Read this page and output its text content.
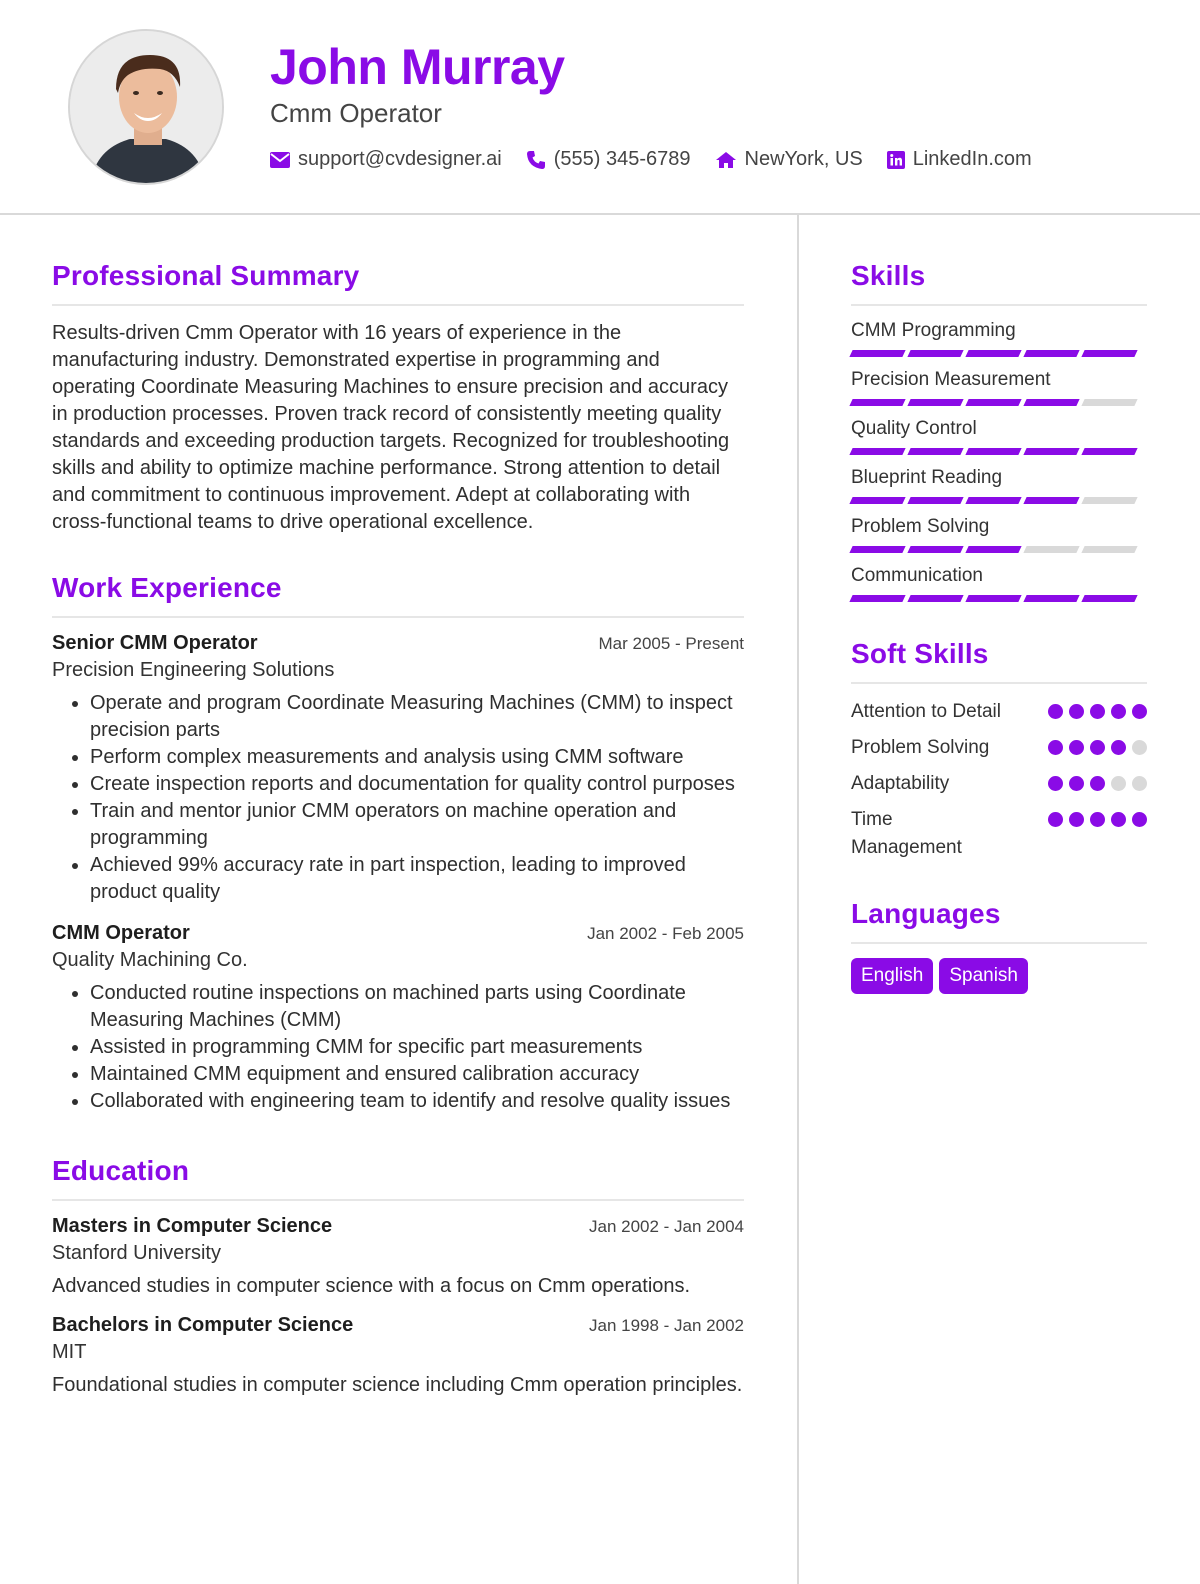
John Murray
Cmm Operator
support@cvdesigner.ai	(555) 345-6789	NewYork, US	LinkedIn.com
Professional Summary
Results-driven Cmm Operator with 16 years of experience in the manufacturing industry. Demonstrated expertise in programming and operating Coordinate Measuring Machines to ensure precision and accuracy in production processes. Proven track record of consistently meeting quality standards and exceeding production targets. Recognized for troubleshooting skills and ability to optimize machine performance. Strong attention to detail and commitment to continuous improvement. Adept at collaborating with cross-functional teams to drive operational excellence.
Work Experience
Senior CMM Operator	Mar 2005 - Present
Precision Engineering Solutions
• Operate and program Coordinate Measuring Machines (CMM) to inspect precision parts
• Perform complex measurements and analysis using CMM software
• Create inspection reports and documentation for quality control purposes
• Train and mentor junior CMM operators on machine operation and programming
• Achieved 99% accuracy rate in part inspection, leading to improved product quality
CMM Operator	Jan 2002 - Feb 2005
Quality Machining Co.
• Conducted routine inspections on machined parts using Coordinate Measuring Machines (CMM)
• Assisted in programming CMM for specific part measurements
• Maintained CMM equipment and ensured calibration accuracy
• Collaborated with engineering team to identify and resolve quality issues
Education
Masters in Computer Science	Jan 2002 - Jan 2004
Stanford University
Advanced studies in computer science with a focus on Cmm operations.
Bachelors in Computer Science	Jan 1998 - Jan 2002
MIT
Foundational studies in computer science including Cmm operation principles.
Skills
CMM Programming
Precision Measurement
Quality Control
Blueprint Reading
Problem Solving
Communication
Soft Skills
Attention to Detail
Problem Solving
Adaptability
Time Management
Languages
English	Spanish
